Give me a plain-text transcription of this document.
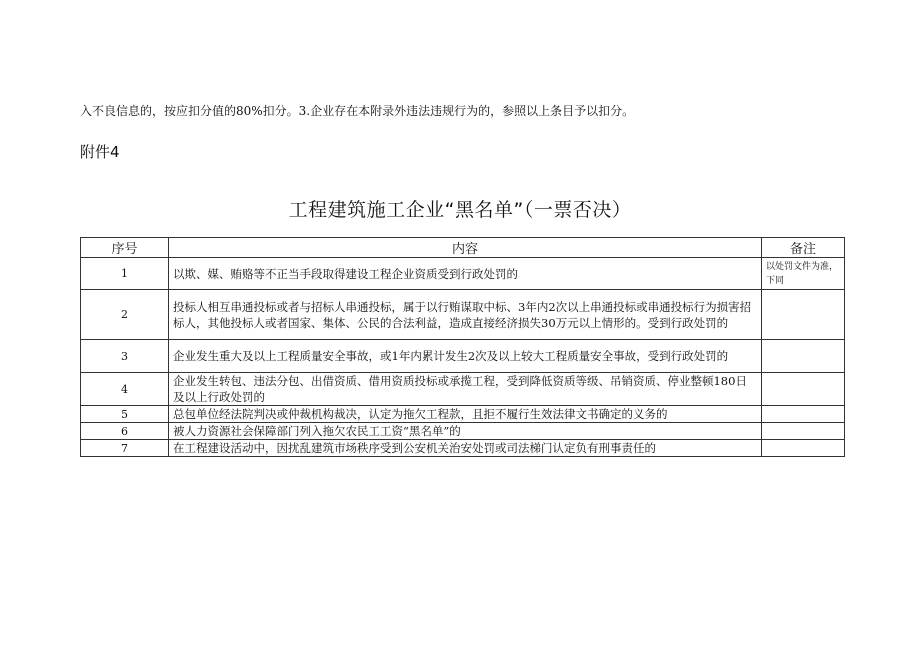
入不良信息的，按应扣分值的80%扣分。3.企业存在本附录外违法违规行为的，参照以上条目予以扣分。
附件4
工程建筑施工企业“黑名单”（一票否决）
序号	内容	备注
1	以欺、媒、贿赂等不正当手段取得建设工程企业资质受到行政处罚的	以处罚文件为准，下同
2	投标人相互串通投标或者与招标人串通投标，属于以行贿谋取中标、3年内2次以上串通投标或串通投标行为损害招标人，其他投标人或者国家、集体、公民的合法利益，造成直接经济损失30万元以上情形的。受到行政处罚的	
3	企业发生重大及以上工程质量安全事故，或1年内累计发生2次及以上较大工程质量安全事故，受到行政处罚的	
4	企业发生转包、违法分包、出借资质、借用资质投标或承揽工程，受到降低资质等级、吊销资质、停业整顿180日及以上行政处罚的	
5	总包单位经法院判决或仲裁机构裁决，认定为拖欠工程款，且拒不履行生效法律文书确定的义务的	
6	被人力资源社会保障部门列入拖欠农民工工资“黑名单”的	
7	在工程建设活动中，因扰乱建筑市场秩序受到公安机关治安处罚或司法梯门认定负有刑事责任的	
